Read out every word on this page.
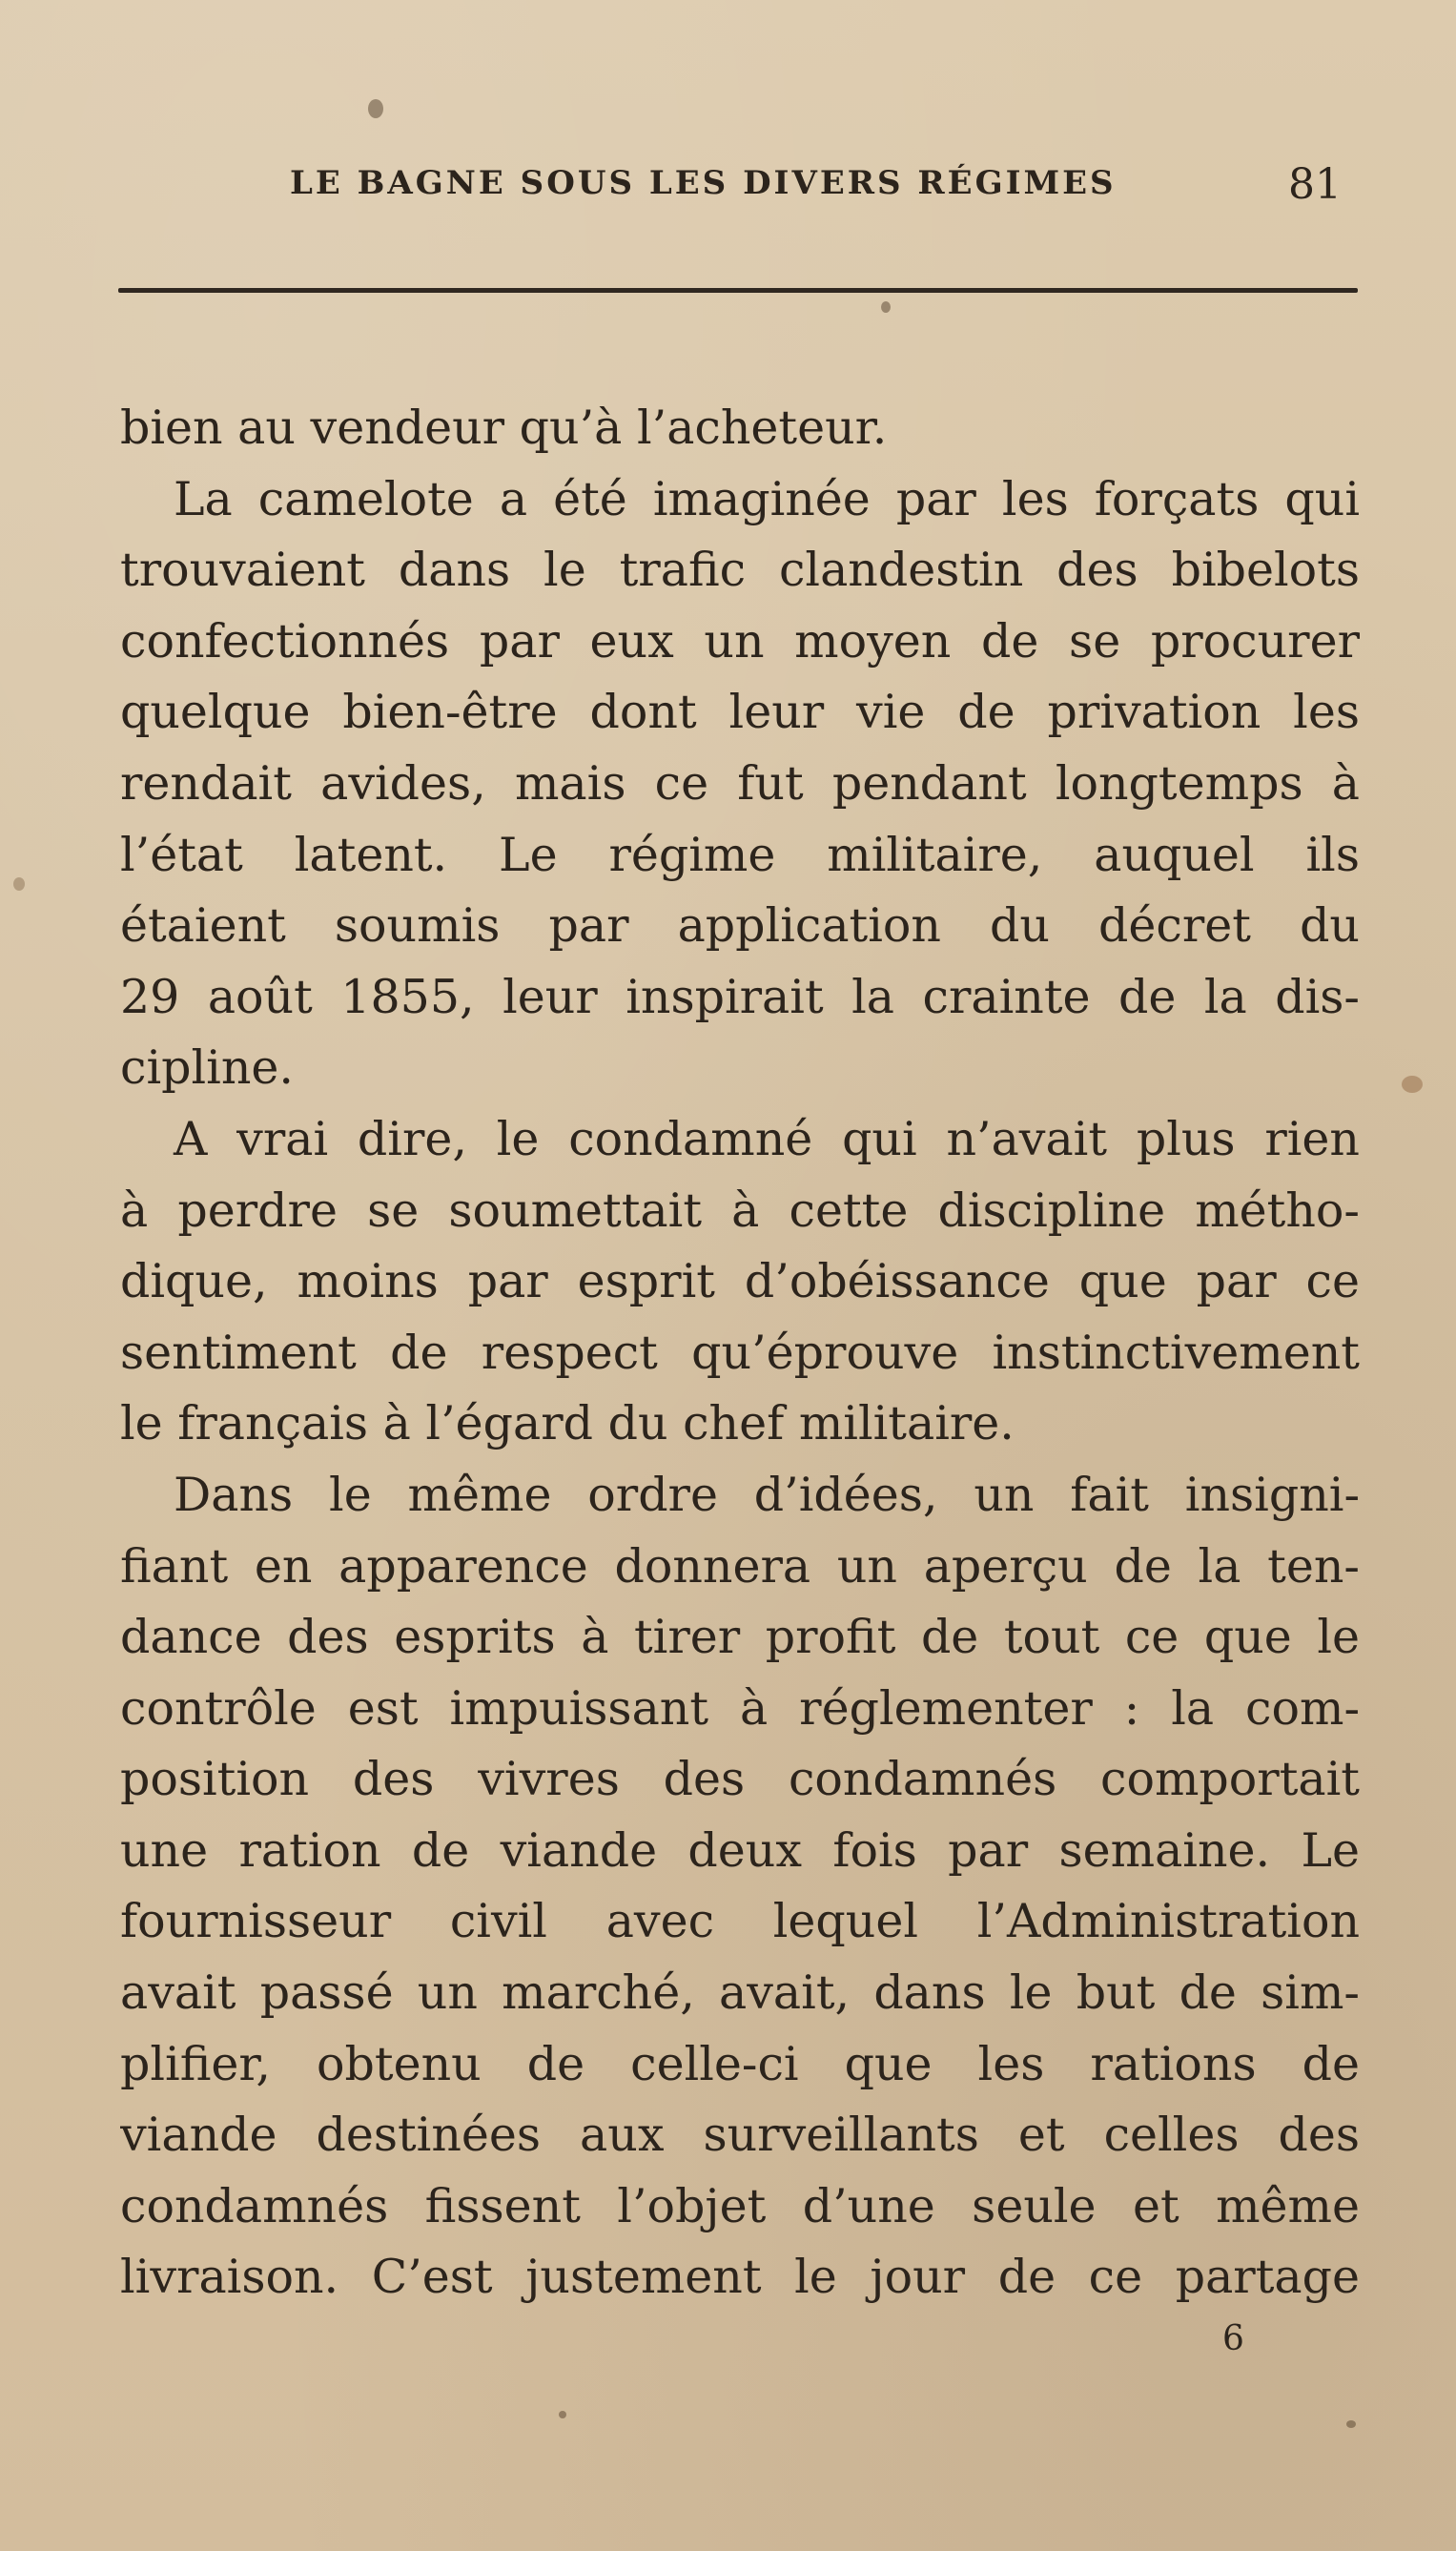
LE BAGNE SOUS LES DIVERS RÉGIMES	81
bien au vendeur qu’à l’acheteur.
La camelote a été imaginée par les forçats qui
trouvaient dans le trafic clandestin des bibelots
confectionnés par eux un moyen de se procurer
quelque bien-être dont leur vie de privation les
rendait avides, mais ce fut pendant longtemps à
l’état latent. Le régime militaire, auquel ils
étaient soumis par application du décret du
29 août 1855, leur inspirait la crainte de la dis-
cipline.
A vrai dire, le condamné qui n’avait plus rien
à perdre se soumettait à cette discipline métho-
dique, moins par esprit d’obéissance que par ce
sentiment de respect qu’éprouve instinctivement
le français à l’égard du chef militaire.
Dans le même ordre d’idées, un fait insigni-
fiant en apparence donnera un aperçu de la ten-
dance des esprits à tirer profit de tout ce que le
contrôle est impuissant à réglementer : la com-
position des vivres des condamnés comportait
une ration de viande deux fois par semaine. Le
fournisseur civil avec lequel l’Administration
avait passé un marché, avait, dans le but de sim-
plifier, obtenu de celle-ci que les rations de
viande destinées aux surveillants et celles des
condamnés fissent l’objet d’une seule et même
livraison. C’est justement le jour de ce partage
6
